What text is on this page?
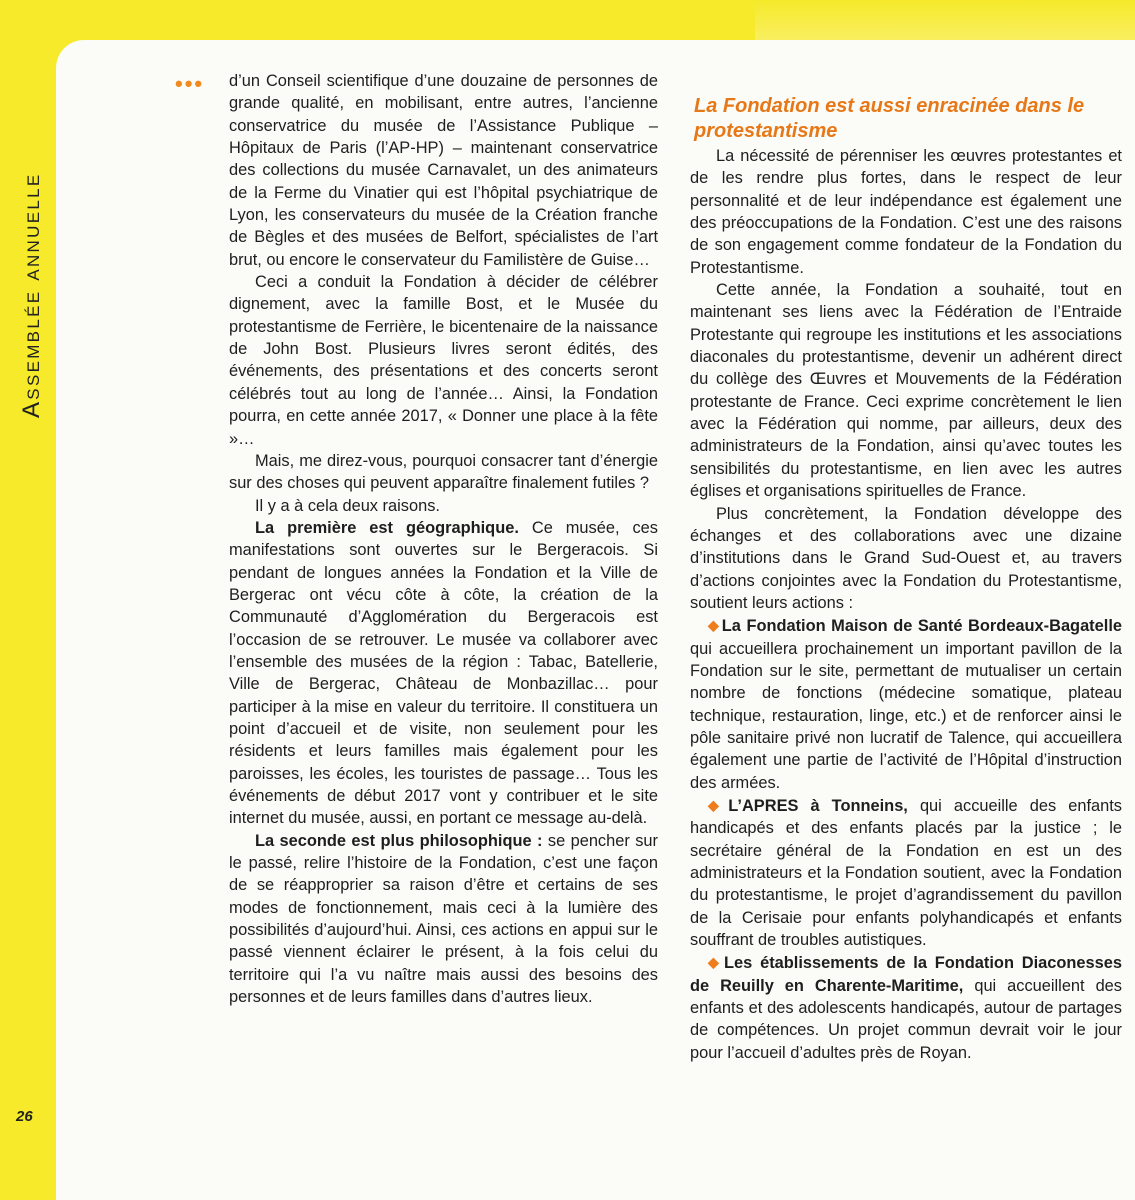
Assemblée annuelle
••• d’un Conseil scientifique d’une douzaine de personnes de grande qualité, en mobilisant, entre autres, l’ancienne conservatrice du musée de l’Assistance Publique – Hôpitaux de Paris (l’AP-HP) – maintenant conservatrice des collections du musée Carnavalet, un des animateurs de la Ferme du Vinatier qui est l’hôpital psychiatrique de Lyon, les conservateurs du musée de la Création franche de Bègles et des musées de Belfort, spécialistes de l’art brut, ou encore le conservateur du Familistère de Guise…

Ceci a conduit la Fondation à décider de célébrer dignement, avec la famille Bost, et le Musée du protestantisme de Ferrière, le bicentenaire de la naissance de John Bost. Plusieurs livres seront édités, des événements, des présentations et des concerts seront célébrés tout au long de l’année… Ainsi, la Fondation pourra, en cette année 2017, « Donner une place à la fête »…

Mais, me direz-vous, pourquoi consacrer tant d’énergie sur des choses qui peuvent apparaître finalement futiles ?

Il y a à cela deux raisons.

La première est géographique. Ce musée, ces manifestations sont ouvertes sur le Bergeracois. Si pendant de longues années la Fondation et la Ville de Bergerac ont vécu côte à côte, la création de la Communauté d’Agglomération du Bergeracois est l’occasion de se retrouver. Le musée va collaborer avec l’ensemble des musées de la région : Tabac, Batellerie, Ville de Bergerac, Château de Monbazillac… pour participer à la mise en valeur du territoire. Il constituera un point d’accueil et de visite, non seulement pour les résidents et leurs familles mais également pour les paroisses, les écoles, les touristes de passage… Tous les événements de début 2017 vont y contribuer et le site internet du musée, aussi, en portant ce message au-delà.

La seconde est plus philosophique : se pencher sur le passé, relire l’histoire de la Fondation, c’est une façon de se réapproprier sa raison d’être et certains de ses modes de fonctionnement, mais ceci à la lumière des possibilités d’aujourd’hui. Ainsi, ces actions en appui sur le passé viennent éclairer le présent, à la fois celui du territoire qui l’a vu naître mais aussi des besoins des personnes et de leurs familles dans d’autres lieux.

La Fondation est aussi enracinée dans le protestantisme

La nécessité de pérenniser les œuvres protestantes et de les rendre plus fortes, dans le respect de leur personnalité et de leur indépendance est également une des préoccupations de la Fondation. C’est une des raisons de son engagement comme fondateur de la Fondation du Protestantisme.

Cette année, la Fondation a souhaité, tout en maintenant ses liens avec la Fédération de l’Entraide Protestante qui regroupe les institutions et les associations diaconales du protestantisme, devenir un adhérent direct du collège des Œuvres et Mouvements de la Fédération protestante de France. Ceci exprime concrètement le lien avec la Fédération qui nomme, par ailleurs, deux des administrateurs de la Fondation, ainsi qu’avec toutes les sensibilités du protestantisme, en lien avec les autres églises et organisations spirituelles de France.

Plus concrètement, la Fondation développe des échanges et des collaborations avec une dizaine d’institutions dans le Grand Sud-Ouest et, au travers d’actions conjointes avec la Fondation du Protestantisme, soutient leurs actions :

◆ La Fondation Maison de Santé Bordeaux-Bagatelle qui accueillera prochainement un important pavillon de la Fondation sur le site, permettant de mutualiser un certain nombre de fonctions (médecine somatique, plateau technique, restauration, linge, etc.) et de renforcer ainsi le pôle sanitaire privé non lucratif de Talence, qui accueillera également une partie de l’activité de l’Hôpital d’instruction des armées.

◆ L’APRES à Tonneins, qui accueille des enfants handicapés et des enfants placés par la justice ; le secrétaire général de la Fondation en est un des administrateurs et la Fondation soutient, avec la Fondation du protestantisme, le projet d’agrandissement du pavillon de la Cerisaie pour enfants polyhandicapés et enfants souffrant de troubles autistiques.

◆ Les établissements de la Fondation Diaconesses de Reuilly en Charente-Maritime, qui accueillent des enfants et des adolescents handicapés, autour de partages de compétences. Un projet commun devrait voir le jour pour l’accueil d’adultes près de Royan.

26
